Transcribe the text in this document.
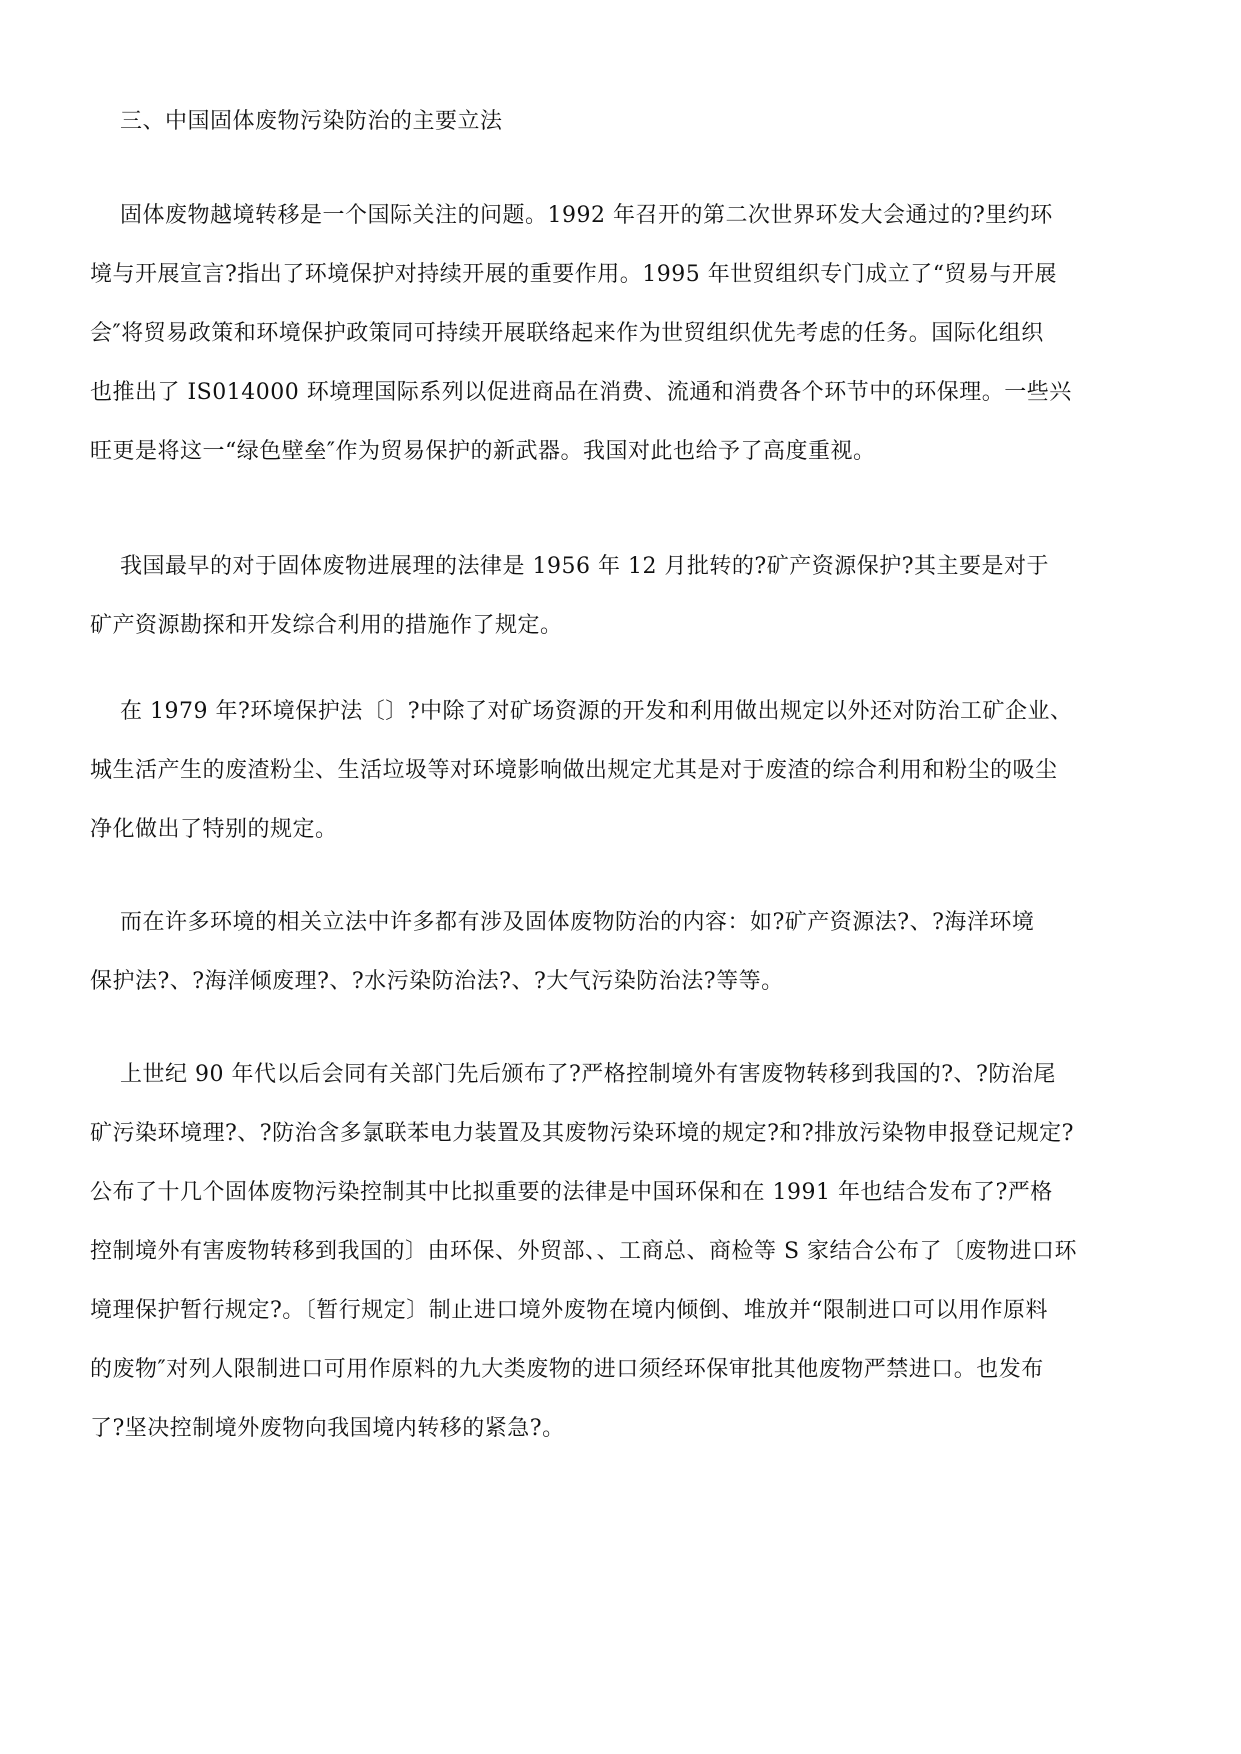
三、中国固体废物污染防治的主要立法
固体废物越境转移是一个国际关注的问题。1992 年召开的第二次世界环发大会通过的?里约环
境与开展宣言?指出了环境保护对持续开展的重要作用。1995 年世贸组织专门成立了“贸易与开展
会″将贸易政策和环境保护政策同可持续开展联络起来作为世贸组织优先考虑的任务。国际化组织
也推出了 IS014000 环境理国际系列以促进商品在消费、流通和消费各个环节中的环保理。一些兴
旺更是将这一“绿色壁垒″作为贸易保护的新武器。我国对此也给予了高度重视。
我国最早的对于固体废物进展理的法律是 1956 年 12 月批转的?矿产资源保护?其主要是对于
矿产资源勘探和开发综合利用的措施作了规定。
在 1979 年?环境保护法〔〕?中除了对矿场资源的开发和利用做出规定以外还对防治工矿企业、
城生活产生的废渣粉尘、生活垃圾等对环境影响做出规定尤其是对于废渣的综合利用和粉尘的吸尘
净化做出了特别的规定。
而在许多环境的相关立法中许多都有涉及固体废物防治的内容：如?矿产资源法?、?海洋环境
保护法?、?海洋倾废理?、?水污染防治法?、?大气污染防治法?等等。
上世纪 90 年代以后会同有关部门先后颁布了?严格控制境外有害废物转移到我国的?、?防治尾
矿污染环境理?、?防治含多氯联苯电力装置及其废物污染环境的规定?和?排放污染物申报登记规定?
公布了十几个固体废物污染控制其中比拟重要的法律是中国环保和在 1991 年也结合发布了?严格
控制境外有害废物转移到我国的〕由环保、外贸部、、工商总、商检等 S 家结合公布了〔废物进口环
境理保护暂行规定?。〔暂行规定〕制止进口境外废物在境内倾倒、堆放并“限制进口可以用作原料
的废物″对列人限制进口可用作原料的九大类废物的进口须经环保审批其他废物严禁进口。也发布
了?坚决控制境外废物向我国境内转移的紧急?。
